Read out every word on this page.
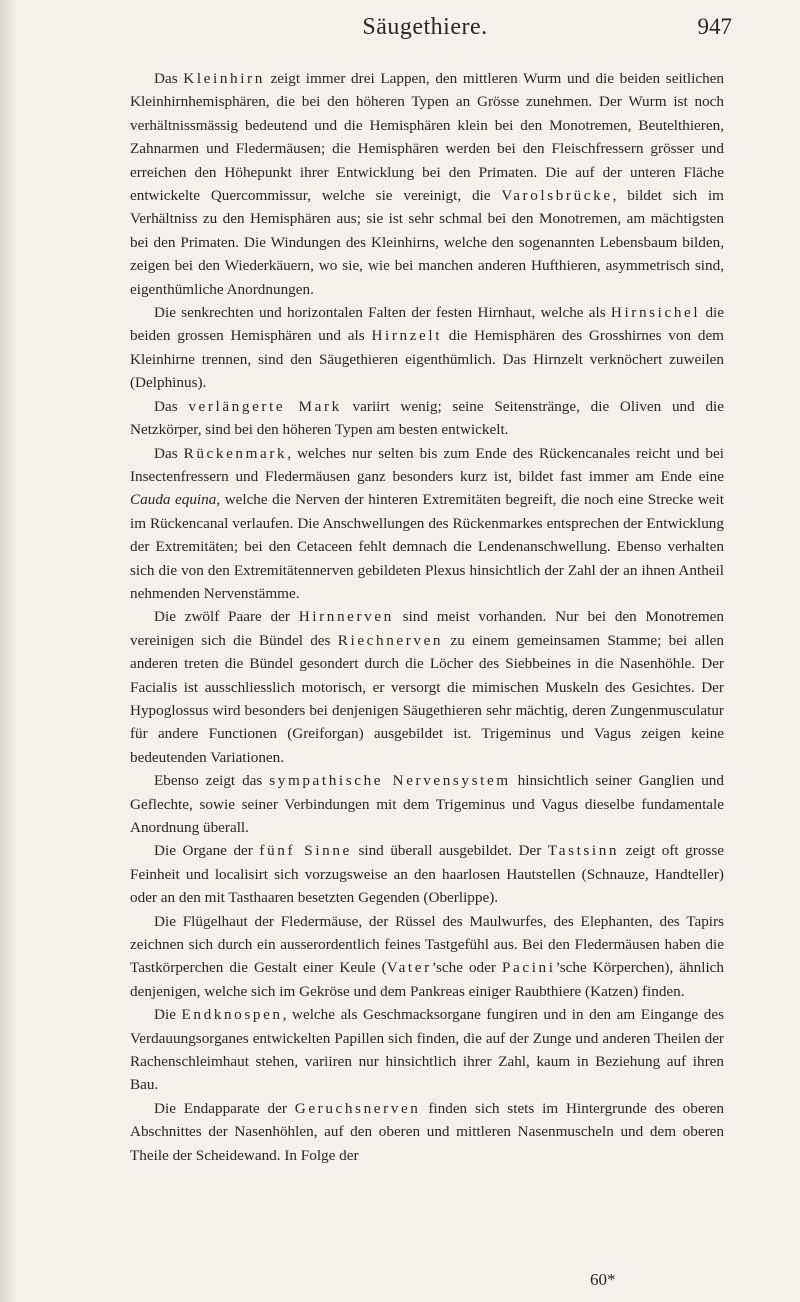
Säugethiere.	947

Das Kleinhirn zeigt immer drei Lappen, den mittleren Wurm und die beiden seitlichen Kleinhirnhemisphären, die bei den höheren Typen an Grösse zunehmen. Der Wurm ist noch verhältnissmässig bedeutend und die Hemisphären klein bei den Monotremen, Beutelthieren, Zahnarmen und Fledermäusen; die Hemisphären werden bei den Fleischfressern grösser und erreichen den Höhepunkt ihrer Entwicklung bei den Primaten. Die auf der unteren Fläche entwickelte Quercommissur, welche sie vereinigt, die Varolsbrücke, bildet sich im Verhältniss zu den Hemisphären aus; sie ist sehr schmal bei den Monotremen, am mächtigsten bei den Primaten. Die Windungen des Kleinhirns, welche den sogenannten Lebensbaum bilden, zeigen bei den Wiederkäuern, wo sie, wie bei manchen anderen Hufthieren, asymmetrisch sind, eigenthümliche Anordnungen.

Die senkrechten und horizontalen Falten der festen Hirnhaut, welche als Hirnsichel die beiden grossen Hemisphären und als Hirnzelt die Hemisphären des Grosshirnes von dem Kleinhirne trennen, sind den Säugethieren eigenthümlich. Das Hirnzelt verknöchert zuweilen (Delphinus).

Das verlängerte Mark variirt wenig; seine Seitenstränge, die Oliven und die Netzkörper, sind bei den höheren Typen am besten entwickelt.

Das Rückenmark, welches nur selten bis zum Ende des Rückencanales reicht und bei Insectenfressern und Fledermäusen ganz besonders kurz ist, bildet fast immer am Ende eine Cauda equina, welche die Nerven der hinteren Extremitäten begreift, die noch eine Strecke weit im Rückencanal verlaufen. Die Anschwellungen des Rückenmarkes entsprechen der Entwicklung der Extremitäten; bei den Cetaceen fehlt demnach die Lendenanschwellung. Ebenso verhalten sich die von den Extremitätennerven gebildeten Plexus hinsichtlich der Zahl der an ihnen Antheil nehmenden Nervenstämme.

Die zwölf Paare der Hirnnerven sind meist vorhanden. Nur bei den Monotremen vereinigen sich die Bündel des Riechnerven zu einem gemeinsamen Stamme; bei allen anderen treten die Bündel gesondert durch die Löcher des Siebbeines in die Nasenhöhle. Der Facialis ist ausschliesslich motorisch, er versorgt die mimischen Muskeln des Gesichtes. Der Hypoglossus wird besonders bei denjenigen Säugethieren sehr mächtig, deren Zungenmusculatur für andere Functionen (Greiforgan) ausgebildet ist. Trigeminus und Vagus zeigen keine bedeutenden Variationen.

Ebenso zeigt das sympathische Nervensystem hinsichtlich seiner Ganglien und Geflechte, sowie seiner Verbindungen mit dem Trigeminus und Vagus dieselbe fundamentale Anordnung überall.

Die Organe der fünf Sinne sind überall ausgebildet. Der Tastsinn zeigt oft grosse Feinheit und localisirt sich vorzugsweise an den haarlosen Hautstellen (Schnauze, Handteller) oder an den mit Tasthaaren besetzten Gegenden (Oberlippe).

Die Flügelhaut der Fledermäuse, der Rüssel des Maulwurfes, des Elephanten, des Tapirs zeichnen sich durch ein ausserordentlich feines Tastgefühl aus. Bei den Fledermäusen haben die Tastkörperchen die Gestalt einer Keule (Vater’sche oder Pacini’sche Körperchen), ähnlich denjenigen, welche sich im Gekröse und dem Pankreas einiger Raubthiere (Katzen) finden.

Die Endknospen, welche als Geschmacksorgane fungiren und in den am Eingange des Verdauungsorganes entwickelten Papillen sich finden, die auf der Zunge und anderen Theilen der Rachenschleimhaut stehen, variiren nur hinsichtlich ihrer Zahl, kaum in Beziehung auf ihren Bau.

Die Endapparate der Geruchsnerven finden sich stets im Hintergrunde des oberen Abschnittes der Nasenhöhlen, auf den oberen und mittleren Nasenmuscheln und dem oberen Theile der Scheidewand. In Folge der

60*
